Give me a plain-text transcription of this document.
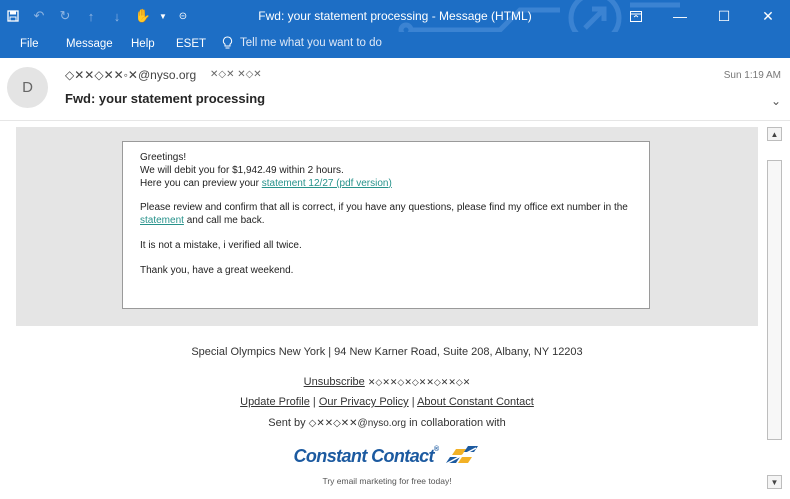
↶	↻	↑	↓	✋ ▼	⊝	Fwd: your statement processing - Message (HTML)	—	☐	✕
File Message Help ESET	Tell me what you want to do
D
◇✕✕◇✕✕◦✕@nyso.org ✕◇✕ ✕◇✕	Sun 1:19 AM
Fwd: your statement processing	⌄

Greetings!

We will debit you for $1,942.49 within 2 hours.

Here you can preview your statement 12/27 (pdf version)

Please review and confirm that all is correct, if you have any questions, please find my office ext number in the statement and call me back.

It is not a mistake, i verified all twice.

Thank you, have a great weekend.

Special Olympics New York | 94 New Karner Road, Suite 208, Albany, NY 12203
Unsubscribe ✕◇✕✕◇✕◇✕✕◇✕✕◇✕
Update Profile | Our Privacy Policy | About Constant Contact
Sent by ◇✕✕◇✕✕@nyso.org in collaboration with
Constant Contact®
Try email marketing for free today!
▲
▼
